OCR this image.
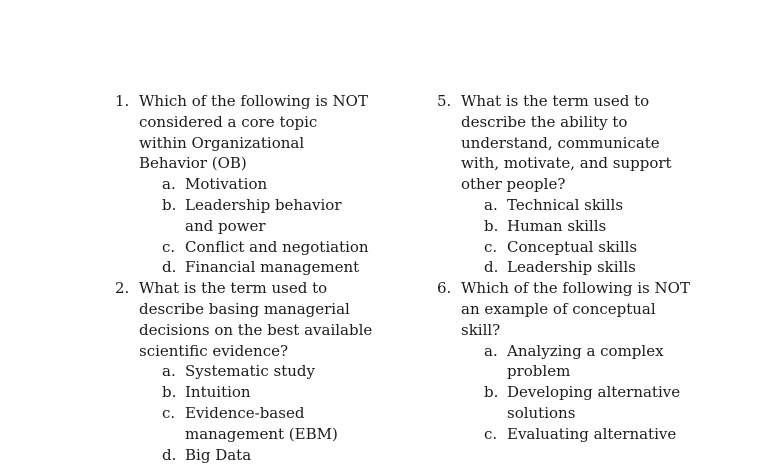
1. Which of the following is NOT considered a core topic within Organizational Behavior (OB)
a. Motivation
b. Leadership behavior and power
c. Conflict and negotiation
d. Financial management
2. What is the term used to describe basing managerial decisions on the best available scientific evidence?
a. Systematic study
b. Intuition
c. Evidence-based management (EBM)
d. Big Data
5. What is the term used to describe the ability to understand, communicate with, motivate, and support other people?
a. Technical skills
b. Human skills
c. Conceptual skills
d. Leadership skills
6. Which of the following is NOT an example of conceptual skill?
a. Analyzing a complex problem
b. Developing alternative solutions
c. Evaluating alternative
